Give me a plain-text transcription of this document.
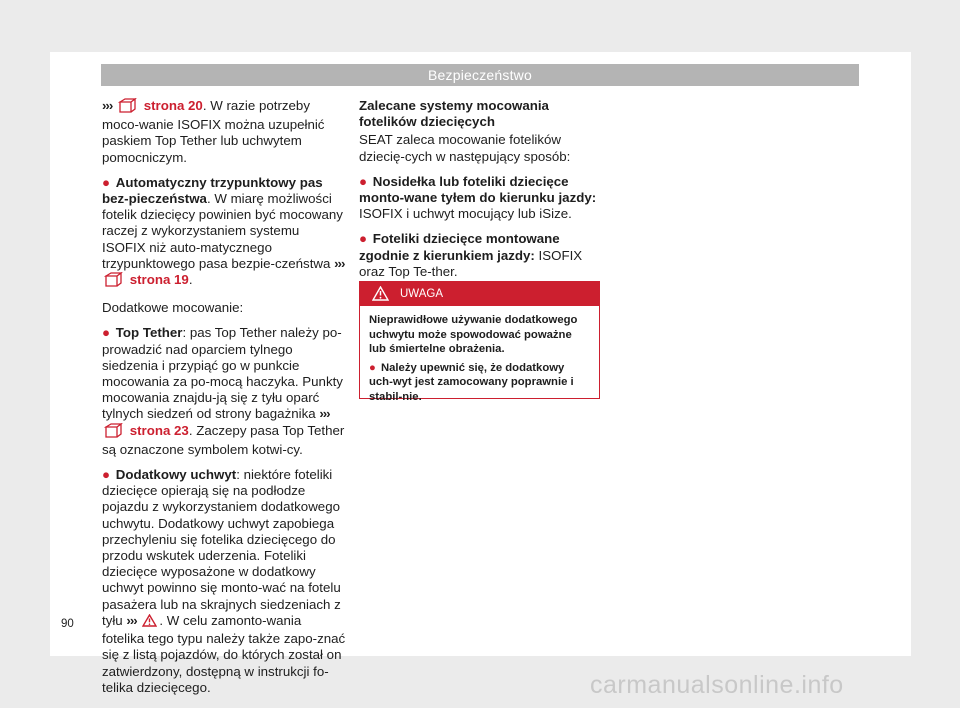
Bezpieczeństwo

››› strona 20. W razie potrzeby moco-wanie ISOFIX można uzupełnić paskiem Top Tether lub uchwytem pomocniczym.

● Automatyczny trzypunktowy pas bez-pieczeństwa. W miarę możliwości fotelik dziecięcy powinien być mocowany raczej z wykorzystaniem systemu ISOFIX niż auto-matycznego trzypunktowego pasa bezpie-czeństwa ›››  strona 19.

Dodatkowe mocowanie:

● Top Tether: pas Top Tether należy po-prowadzić nad oparciem tylnego siedzenia i przypiąć go w punkcie mocowania za po-mocą haczyka. Punkty mocowania znajdu-ją się z tyłu oparć tylnych siedzeń od strony bagażnika ›››  strona 23. Zaczepy pasa Top Tether są oznaczone symbolem kotwi-cy.

● Dodatkowy uchwyt: niektóre foteliki dziecięce opierają się na podłodze pojazdu z wykorzystaniem dodatkowego uchwytu. Dodatkowy uchwyt zapobiega przechyleniu się fotelika dziecięcego do przodu wskutek uderzenia. Foteliki dziecięce wyposażone w dodatkowy uchwyt powinno się monto-wać na fotelu pasażera lub na skrajnych siedzeniach z tyłu ››› . W celu zamonto-wania fotelika tego typu należy także zapo-znać się z listą pojazdów, do których został on zatwierdzony, dostępną w instrukcji fo-telika dziecięcego.

Zalecane systemy mocowania fotelików dziecięcych

SEAT zaleca mocowanie fotelików dziecię-cych w następujący sposób:

● Nosidełka lub foteliki dziecięce monto-wane tyłem do kierunku jazdy: ISOFIX i uchwyt mocujący lub iSize.

● Foteliki dziecięce montowane zgodnie z kierunkiem jazdy: ISOFIX oraz Top Te-ther.

UWAGA

Nieprawidłowe używanie dodatkowego uchwytu może spowodować poważne lub śmiertelne obrażenia.

● Należy upewnić się, że dodatkowy uch-wyt jest zamocowany poprawnie i stabil-nie.

90
carmanualsonline.info
